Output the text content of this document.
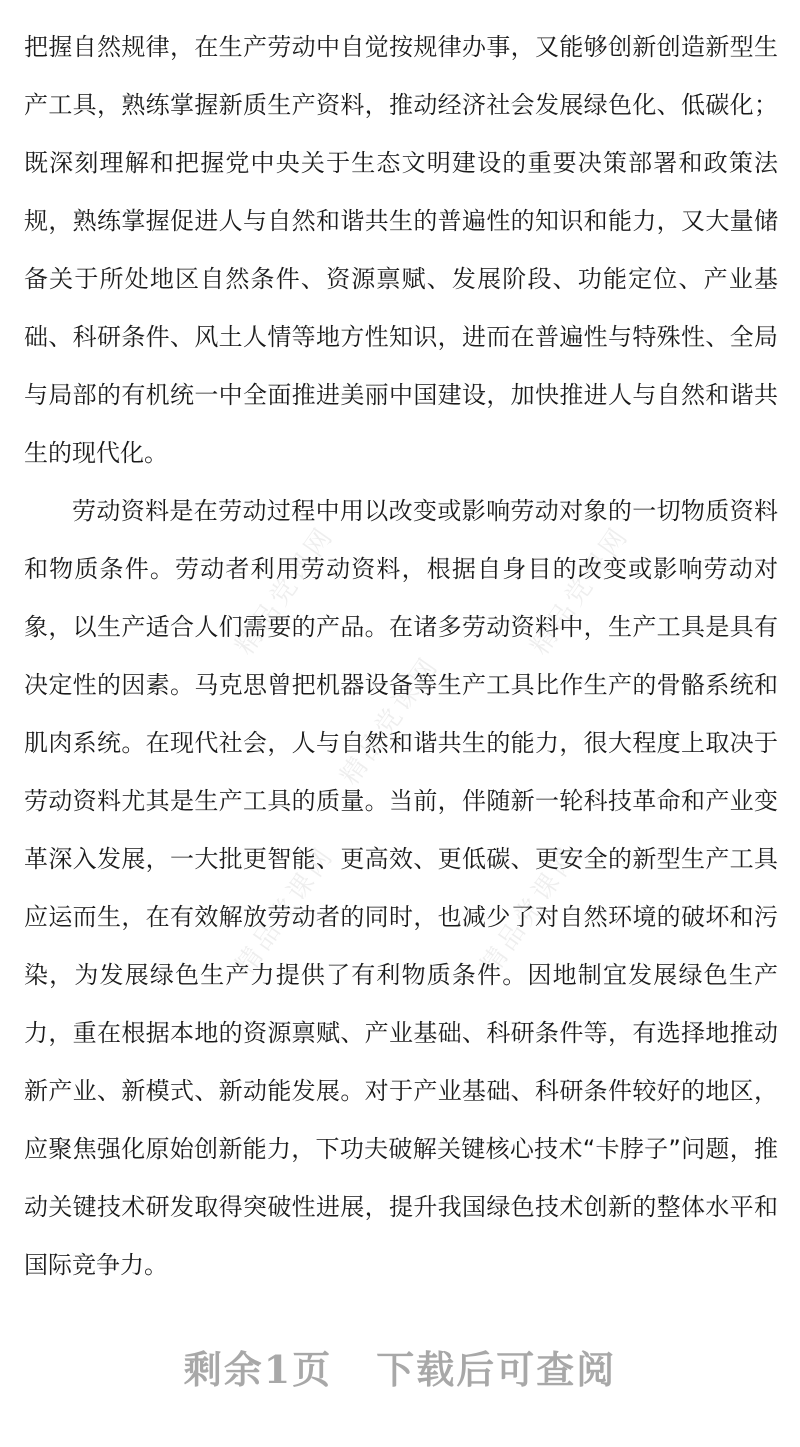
精品党课网	精品党课网
精品党课网
精品党课网	精品党课网

把握自然规律，在生产劳动中自觉按规律办事，又能够创新创造新型生产工具，熟练掌握新质生产资料，推动经济社会发展绿色化、低碳化；既深刻理解和把握党中央关于生态文明建设的重要决策部署和政策法规，熟练掌握促进人与自然和谐共生的普遍性的知识和能力，又大量储备关于所处地区自然条件、资源禀赋、发展阶段、功能定位、产业基础、科研条件、风土人情等地方性知识，进而在普遍性与特殊性、全局与局部的有机统一中全面推进美丽中国建设，加快推进人与自然和谐共生的现代化。

劳动资料是在劳动过程中用以改变或影响劳动对象的一切物质资料和物质条件。劳动者利用劳动资料，根据自身目的改变或影响劳动对象，以生产适合人们需要的产品。在诸多劳动资料中，生产工具是具有决定性的因素。马克思曾把机器设备等生产工具比作生产的骨骼系统和肌肉系统。在现代社会，人与自然和谐共生的能力，很大程度上取决于劳动资料尤其是生产工具的质量。当前，伴随新一轮科技革命和产业变革深入发展，一大批更智能、更高效、更低碳、更安全的新型生产工具应运而生，在有效解放劳动者的同时，也减少了对自然环境的破坏和污染，为发展绿色生产力提供了有利物质条件。因地制宜发展绿色生产力，重在根据本地的资源禀赋、产业基础、科研条件等，有选择地推动新产业、新模式、新动能发展。对于产业基础、科研条件较好的地区，应聚焦强化原始创新能力，下功夫破解关键核心技术“卡脖子”问题，推动关键技术研发取得突破性进展，提升我国绿色技术创新的整体水平和国际竞争力。

剩余1页 下载后可查阅
